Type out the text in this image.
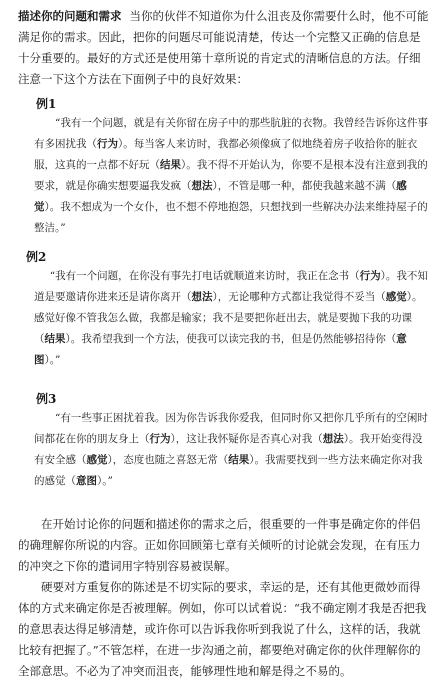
描述你的问题和需求 当你的伙伴不知道你为什么沮丧及你需要什么时，他不可能满足你的需求。因此，把你的问题尽可能说清楚，传达一个完整又正确的信息是十分重要的。最好的方式还是使用第十章所说的肯定式的清晰信息的方法。仔细注意一下这个方法在下面例子中的良好效果：

例1

“我有一个问题，就是有关你留在房子中的那些肮脏的衣物。我曾经告诉你这件事有多困扰我（行为）。每当客人来访时，我都必须像疯了似地绕着房子收拾你的脏衣服，这真的一点都不好玩（结果）。我不得不开始认为，你要不是根本没有注意到我的要求，就是你确实想要逼我发疯（想法），不管是哪一种，都使我越来越不满（感觉）。我不想成为一个女仆，也不想不停地抱怨，只想找到一些解决办法来维持屋子的整洁。”

例2

“我有一个问题，在你没有事先打电话就顺道来访时，我正在念书（行为）。我不知道是要邀请你进来还是请你离开（想法），无论哪种方式都让我觉得不妥当（感觉）。感觉好像不管我怎么做，我都是输家；我不是要把你赶出去，就是要抛下我的功课（结果）。我希望我到一个方法，使我可以读完我的书，但是仍然能够招待你（意图）。”

例3

“有一些事正困扰着我。因为你告诉我你爱我，但同时你又把你几乎所有的空闲时间都花在你的朋友身上（行为），这让我怀疑你是否真心对我（想法）。我开始变得没有安全感（感觉），态度也随之喜怒无常（结果）。我需要找到一些方法来确定你对我的感觉（意图）。”

在开始讨论你的问题和描述你的需求之后，很重要的一件事是确定你的伴侣的确理解你所说的内容。正如你回顾第七章有关倾听的讨论就会发现，在有压力的冲突之下你的遣词用字特别容易被误解。

硬要对方重复你的陈述是不切实际的要求，幸运的是，还有其他更微妙而得体的方式来确定你是否被理解。例如，你可以试着说：“我不确定刚才我是否把我的意思表达得足够清楚，或许你可以告诉我你听到我说了什么，这样的话，我就比较有把握了。”不管怎样，在进一步沟通之前，都要绝对确定你的伙伴理解你的全部意思。不必为了冲突而沮丧，能够理性地和解是得之不易的。
